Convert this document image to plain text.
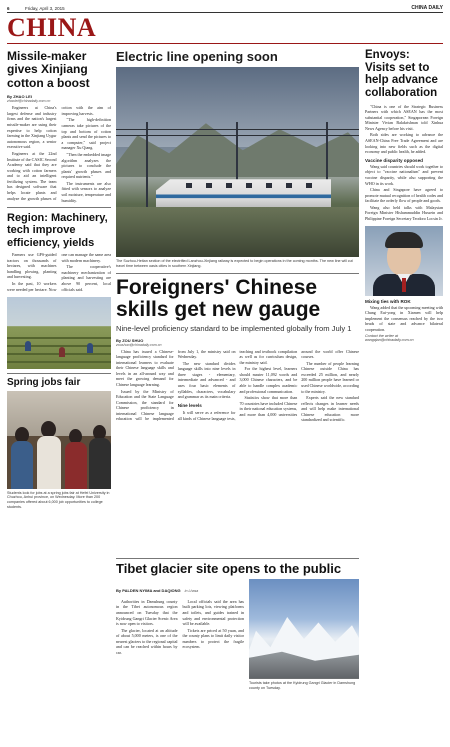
6	Friday, April 3, 2015	CHINA DAILY
CHINA
Missile-maker gives Xinjiang cotton a boost
By ZHAO LEI
zhaolei@chinadaily.com.cn

Engineers at China's largest defense and industry firms and the nation's largest missile-maker are using their expertise to help cotton farming in the Xinjiang Uygur autonomous region, a senior executive said.

Engineers at the 22nd Institute of the CASIC Second Academy said that they are working with cotton farmers and to aid an intelligent fertilizing system. The team has designed software that helps locate plants and analyze the growth phases of cotton with the aim of improving harvests.

"The high-definition cameras take pictures of the top and bottom of cotton plants and send the pictures to a computer," said project manager Xu Qiang.

"Then the embedded image algorithm analyzes the pictures to conclude the plants' growth phases and required nutrients."

The instruments are also fitted with sensors to analyze soil moisture, temperature and humidity.

Region: Machinery, tech improve efficiency, yields

Farmers use GPS-guided tractors on thousands of hectares, with machines handling plowing, planting and harvesting.

In the past, 10 workers were needed per hectare. Now one can manage the same area with modern machinery.

The cooperative's machinery mechanization of planting and harvesting are above 90 percent, local officials said.

Spring jobs fair
Students look for jobs at a spring jobs fair at Hefei University in Chuzhou, Anhui province, on Wednesday. More than 200 companies offered about 6,000 job opportunities to college students.
Electric line opening soon
The Suzhou-Hetian section of the electrified Lanzhou-Xinjiang railway is expected to begin operations in the coming months. The new line will cut travel time between oasis cities in southern Xinjiang.
Foreigners' Chinese skills get new gauge
Nine-level proficiency standard to be implemented globally from July 1
By ZOU SHUO
zoushuo@chinadaily.com.cn

China has issued a Chinese-language proficiency standard for international learners to evaluate their Chinese language skills and levels in an all-around way and meet the growing demand for Chinese language learning.

Issued by the Ministry of Education and the State Language Commission, the standard for Chinese proficiency in international Chinese language education will be implemented from July 1, the ministry said on Wednesday.

The new standard divides language skills into nine levels in three stages - elementary, intermediate and advanced - and uses four basic elements of syllables, characters, vocabulary and grammar as its main criteria.

Nine levels

It will serve as a reference for all kinds of Chinese language tests, teaching and textbook compilation as well as for curriculum design, the ministry said.

For the highest level, learners should master 11,092 words and 3,000 Chinese characters, and be able to handle complex academic and professional communication.

Statistics show that more than 70 countries have included Chinese in their national education systems, and more than 4,000 universities around the world offer Chinese courses.

The number of people learning Chinese outside China has exceeded 25 million, and nearly 200 million people have learned or used Chinese worldwide, according to the ministry.

Experts said the new standard reflects changes in learner needs and will help make international Chinese education more standardized and scientific.

Tibet glacier site opens to the public
By PALDEN NYIMA and DAQIONG in Lhasa

Authorities in Damshung county in the Tibet autonomous region announced on Tuesday that the Kyidrung Gangri Glacier Scenic Area is now open to visitors.

The glacier, located at an altitude of about 5,000 meters, is one of the nearest glaciers to the regional capital and can be reached within hours by car.

Local officials said the area has built parking lots, viewing platforms and toilets, and guides trained in safety and environmental protection will be available.

Tickets are priced at 50 yuan, and the county plans to limit daily visitor numbers to protect the fragile ecosystem.

Tourists take photos at the Kyidrung Gangri Glacier in Damshung county on Tuesday.
Envoys: Visits set to help advance collaboration

"China is one of the Strategic Business Partners with which ASEAN has the most substantial cooperation," Singaporean Foreign Minister Vivian Balakrishnan told Xinhua News Agency before his visit.

Both sides are working to advance the ASEAN-China Free Trade Agreement and are looking into new fields such as the digital economy and public health, he added.

Vaccine disparity opposed

Wang said countries should work together to object to "vaccine nationalism" and prevent vaccine disparity, while also supporting the WHO in its work.

China and Singapore have agreed to promote mutual recognition of health codes and facilitate the orderly flow of people and goods.

Wang also held talks with Malaysian Foreign Minister Hishammuddin Hussein and Philippine Foreign Secretary Teodoro Locsin Jr.

Mixing ties with ROK

Wang added that the upcoming meeting with Chung Eui-yong in Xiamen will help implement the consensus reached by the two heads of state and advance bilateral cooperation.

Contact the writer at wangqian@chinadaily.com.cn
